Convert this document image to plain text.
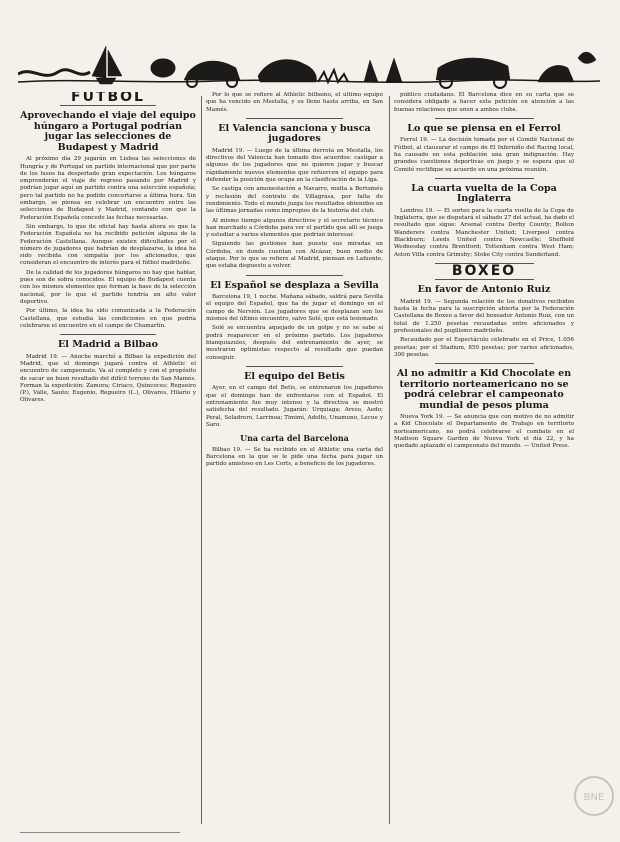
FUTBOL
Aprovechando el viaje del equipo húngaro a Portugal podrían jugar las selecciones de Budapest y Madrid

Al próximo día 29 jugarán en Lisboa las selecciones de Hungría y de Portugal un partido internacional que por parte de los lusos ha despertado gran expectación. Los húngaros emprenderán el viaje de regreso pasando por Madrid y podrían jugar aquí un partido contra una selección española; pero tal partido no ha podido concertarse a última hora. Sin embargo, se piensa en celebrar un encuentro entre las selecciones de Budapest y Madrid, contando con que la Federación Española concede las fechas necesarias.

Sin embargo, lo que de oficial hay hasta ahora es que la Federación Española no ha recibido petición alguna de la Federación Castellana. Aunque existen dificultades por el número de jugadores que habrían de desplazarse, la idea ha sido recibida con simpatía por los aficionados, que consideran el encuentro de interés para el fútbol madrileño.

De la calidad de los jugadores húngaros no hay que hablar, pues son de sobra conocidos. El equipo de Budapest cuenta con los mismos elementos que forman la base de la selección nacional, por lo que el partido tendría un alto valor deportivo.

Por último, la idea ha sido comunicada a la Federación Castellana, que estudia las condiciones en que podría celebrarse el encuentro en el campo de Chamartín.

El Madrid a Bilbao

Madrid 19. — Anoche marchó a Bilbao la expedición del Madrid, que el domingo jugará contra el Athletic el encuentro de campeonato. Va al completo y con el propósito de sacar un buen resultado del difícil terreno de San Mamés. Forman la expedición: Zamora; Ciriaco, Quincoces; Regueiro (P.), Valle, Sauto; Eugenio, Regueiro (L.), Olivares, Hilario y Olivares.

Por lo que se refiere al Athletic bilbaíno, el último equipo que ha vencido en Mestalla, y su lleno hasta arriba, en San Mamés.

El Valencia sanciona y busca jugadores

Madrid 19. — Luego de la última derrota en Mestalla, los directivos del Valencia han tomado dos acuerdos: castigar a algunos de los jugadores que no quieren jugar y buscar rápidamente nuevos elementos que refuercen el equipo para defender la posición que ocupa en la clasificación de la Liga.

Se castiga con amonestación a Navarro, multa a Bertoméu y reclusión del contrato de Villagrasa, por falta de rendimiento. Todo el mundo juzga los resultados obtenidos en las últimas jornadas como impropios de la historia del club.

Al mismo tiempo algunos directivos y el secretario técnico han marchado a Córdoba para ver el partido que allí se juega y estudiar a varios elementos que podrían interesar.

Siguiendo las gestiones han puesto sus miradas en Córdoba, en donde cuentan con Alcázar, buen medio de ataque. Por lo que se refiere al Madrid, piensan en Lafuente, que estaba dispuesto a volver.

El Español se desplaza a Sevilla

Barcelona 19, 1 noche. Mañana sábado, saldrá para Sevilla el equipo del Español, que ha de jugar el domingo en el campo de Nervión. Los jugadores que se desplazan son los mismos del último encuentro, salvo Solé, que está lesionado.

Solé se encuentra aquejado de un golpe y no se sabe si podrá reaparecer en el próximo partido. Los jugadores blanquiazules, después del entrenamiento de ayer, se mostraron optimistas respecto al resultado que puedan conseguir.

El equipo del Betis

Ayer, en el campo del Betis, se entrenaron los jugadores que el domingo han de enfrentarse con el Español. El entrenamiento fue muy intenso y la directiva se mostró satisfecha del resultado. Jugarán: Urquiaga; Areso, Aedo; Peral, Soladrero, Larrinoa; Timimi, Adolfo, Unamuno, Lecue y Saro.

Una carta del Barcelona

Bilbao 19. — Se ha recibido en el Athletic una carta del Barcelona en la que se le pide una fecha para jugar un partido amistoso en Les Corts, a beneficio de los jugadores.

público ciudadano. El Barcelona dice en su carta que se considera obligado a hacer esta petición en atención a las buenas relaciones que unen a ambos clubs.

Lo que se piensa en el Ferrol

Ferrol 19. — La decisión tomada por el Comité Nacional de Fútbol, al clausurar el campo de El Inferniño del Racing local, ha causado en esta población una gran indignación. Hay grandes cuestiones deportivas en juego y se espera que el Comité rectifique su acuerdo en una próxima reunión.

La cuarta vuelta de la Copa Inglaterra

Londres 19. — El sorteo para la cuarta vuelta de la Copa de Inglaterra, que se disputará el sábado 27 del actual, ha dado el resultado que sigue: Arsenal contra Derby County; Bolton Wanderers contra Manchester United; Liverpool contra Blackburn; Leeds United contra Newcastle; Sheffield Wednesday contra Brentford; Tottenham contra West Ham; Aston Villa contra Grimsby; Stoke City contra Sunderland.

BOXEO
En favor de Antonio Ruiz

Madrid 19. — Segunda relación de los donativos recibidos hasta la fecha para la suscripción abierta por la Federación Castellana de Boxeo a favor del boxeador Antonio Ruiz, con un total de 1.250 pesetas recaudadas entre aficionados y profesionales del pugilismo madrileño.

Recaudado por el Espectáculo celebrado en el Price, 1.056 pesetas; por el Stadium, 850 pesetas; por varios aficionados, 300 pesetas.

Al no admitir a Kid Chocolate en territorio norteamericano no se podrá celebrar el campeonato mundial de pesos pluma

Nueva York 19. — Se anuncia que con motivo de no admitir a Kid Chocolate el Departamento de Trabajo en territorio norteamericano, no podrá celebrarse el combate en el Madison Square Garden de Nueva York el día 22, y ha quedado aplazado el campeonato del mundo. — United Press.

BNE
